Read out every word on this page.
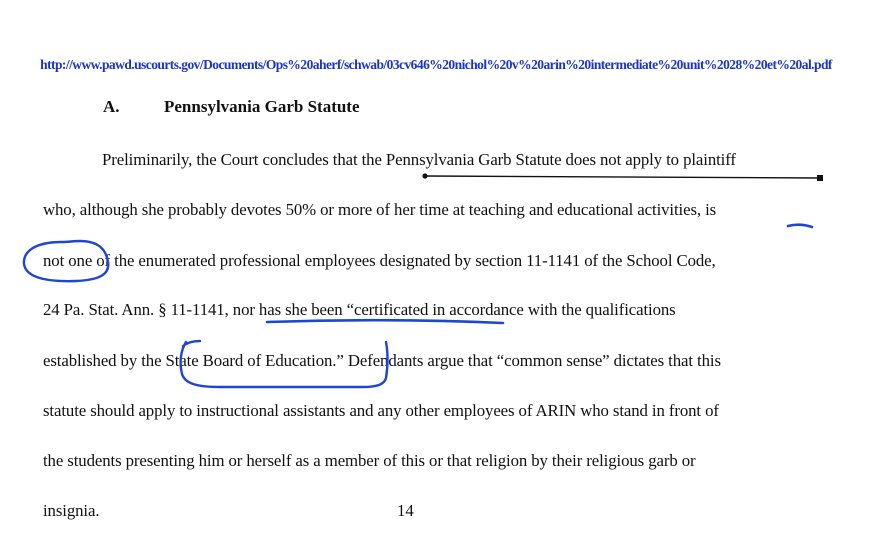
http://www.pawd.uscourts.gov/Documents/Ops%20aherf/schwab/03cv646%20nichol%20v%20arin%20intermediate%20unit%2028%20et%20al.pdf
A.	Pennsylvania Garb Statute
Preliminarily, the Court concludes that the Pennsylvania Garb Statute does not apply to plaintiff
who, although she probably devotes 50% or more of her time at teaching and educational activities, is
not one of the enumerated professional employees designated by section 11-1141 of the School Code,
24 Pa. Stat. Ann. § 11-1141, nor has she been “certificated in accordance with the qualifications
established by the State Board of Education.” Defendants argue that “common sense” dictates that this
statute should apply to instructional assistants and any other employees of ARIN who stand in front of
the students presenting him or herself as a member of this or that religion by their religious garb or
insignia.	14
